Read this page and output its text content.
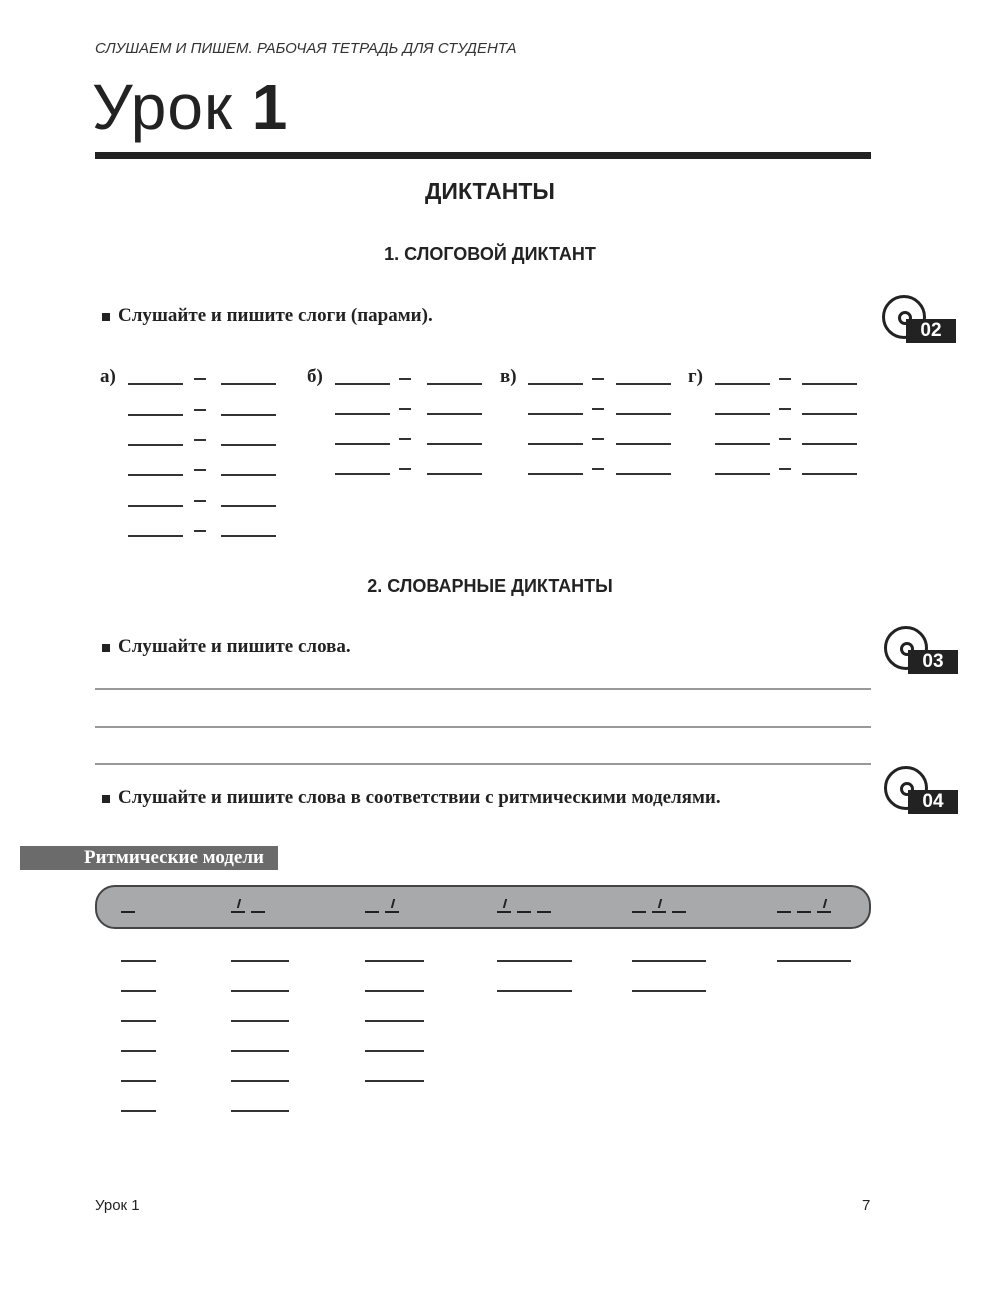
СЛУШАЕМ И ПИШЕМ. РАБОЧАЯ ТЕТРАДЬ ДЛЯ СТУДЕНТА
Урок 1
ДИКТАНТЫ
1. СЛОГОВОЙ ДИКТАНТ
Слушайте и пишите слоги (парами).
02
2. СЛОВАРНЫЕ ДИКТАНТЫ
Слушайте и пишите слова.
03
Слушайте и пишите слова в соответствии с ритмическими моделями.	04
Ритмические модели
Урок 1	7
а)	б)	в)	г)
